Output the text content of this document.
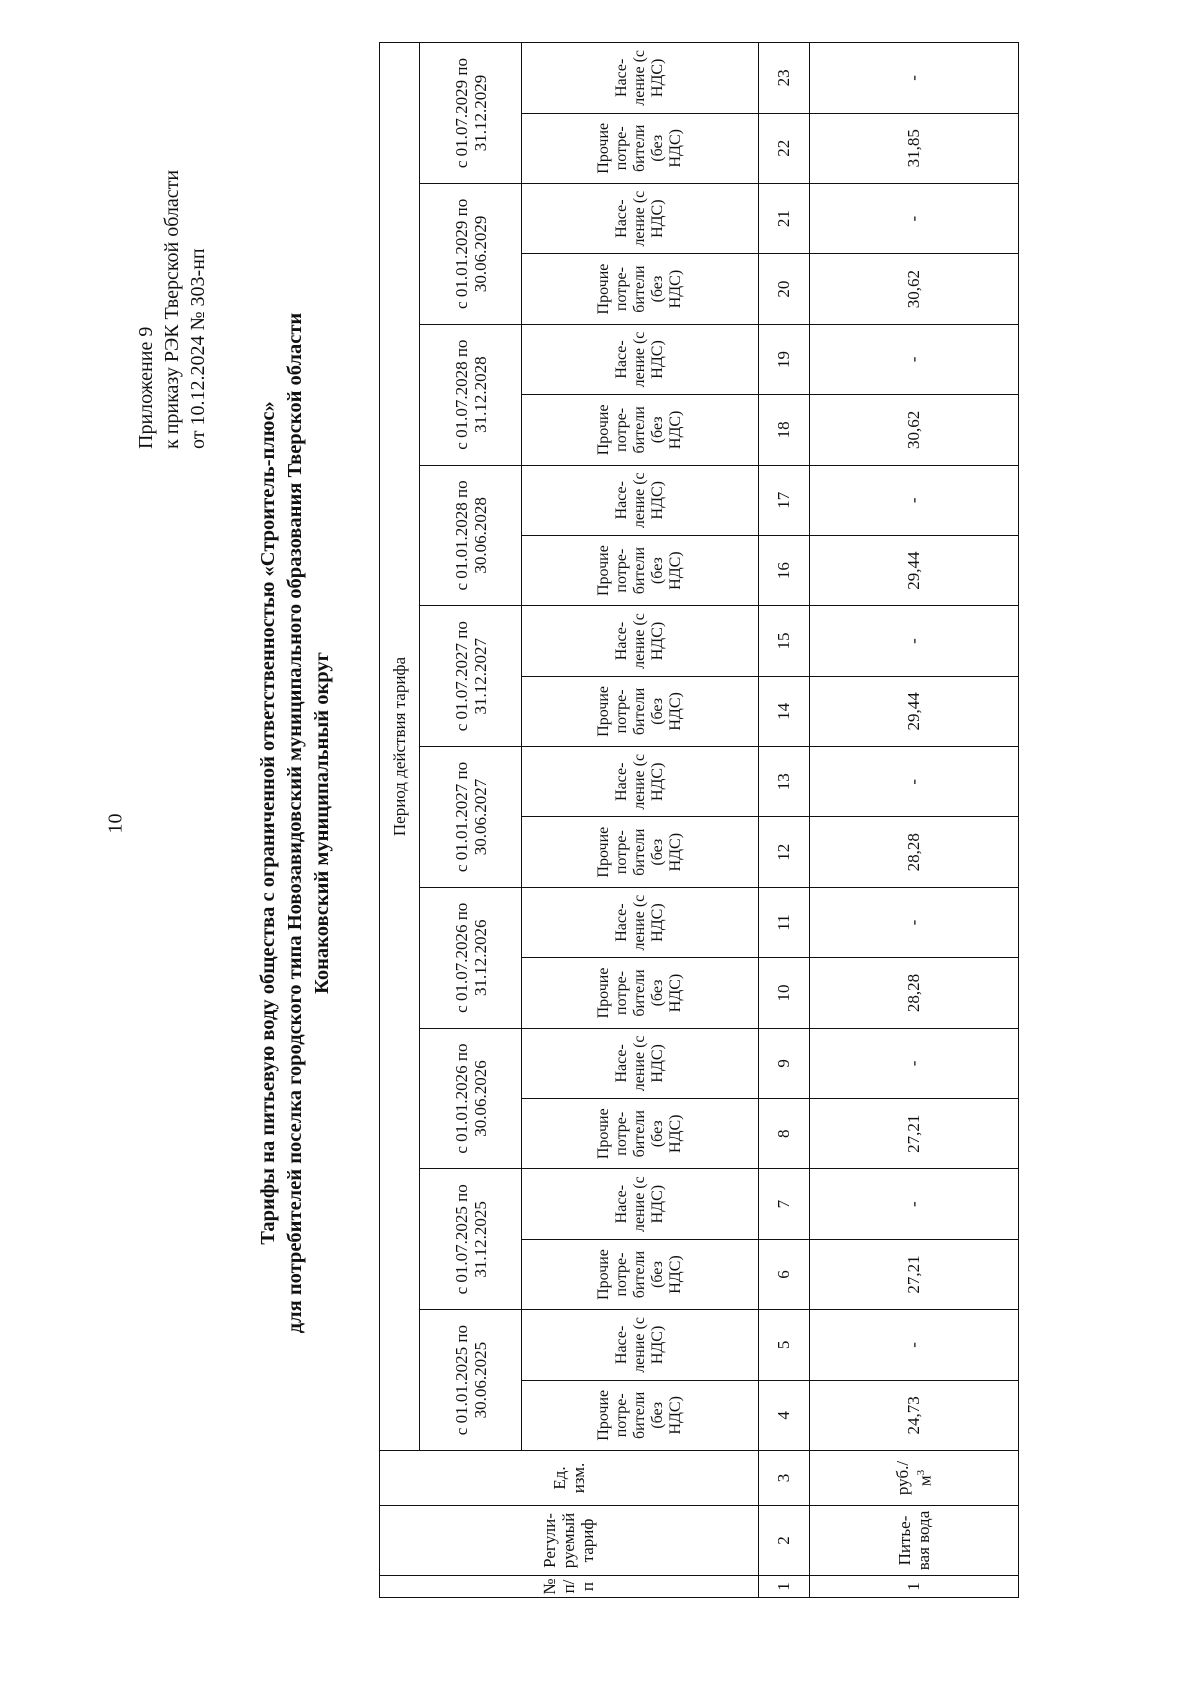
10
Приложение 9 к приказу РЭК Тверской области от 10.12.2024 № 303-нп
Тарифы на питьевую воду общества с ограниченной ответственностью «Строитель-плюс» для потребителей поселка городского типа Новозавидовский муниципального образования Тверской области Конаковский муниципальный округ
№ п/п	Регули-руемый тариф	Ед. изм.	Период действия тарифа																			
			с 01.01.2025 по 30.06.2025		с 01.07.2025 по 31.12.2025		с 01.01.2026 по 30.06.2026		с 01.07.2026 по 31.12.2026		с 01.01.2027 по 30.06.2027		с 01.07.2027 по 31.12.2027		с 01.01.2028 по 30.06.2028		с 01.07.2028 по 31.12.2028		с 01.01.2029 по 30.06.2029		с 01.07.2029 по 31.12.2029	
			Прочие потре-бители (без НДС)	Насе-ление (с НДС)	Прочие потре-бители (без НДС)	Насе-ление (с НДС)	Прочие потре-бители (без НДС)	Насе-ление (с НДС)	Прочие потре-бители (без НДС)	Насе-ление (с НДС)	Прочие потре-бители (без НДС)	Насе-ление (с НДС)	Прочие потре-бители (без НДС)	Насе-ление (с НДС)	Прочие потре-бители (без НДС)	Насе-ление (с НДС)	Прочие потре-бители (без НДС)	Насе-ление (с НДС)	Прочие потре-бители (без НДС)	Насе-ление (с НДС)	Прочие потре-бители (без НДС)	Насе-ление (с НДС)
1	2	3	4	5	6	7	8	9	10	11	12	13	14	15	16	17	18	19	20	21	22	23
1	Питье-вая вода	$руб./м^3$	24,73	-	27,21	-	27,21	-	28,28	-	28,28	-	29,44	-	29,44	-	30,62	-	30,62	-	31,85	-
